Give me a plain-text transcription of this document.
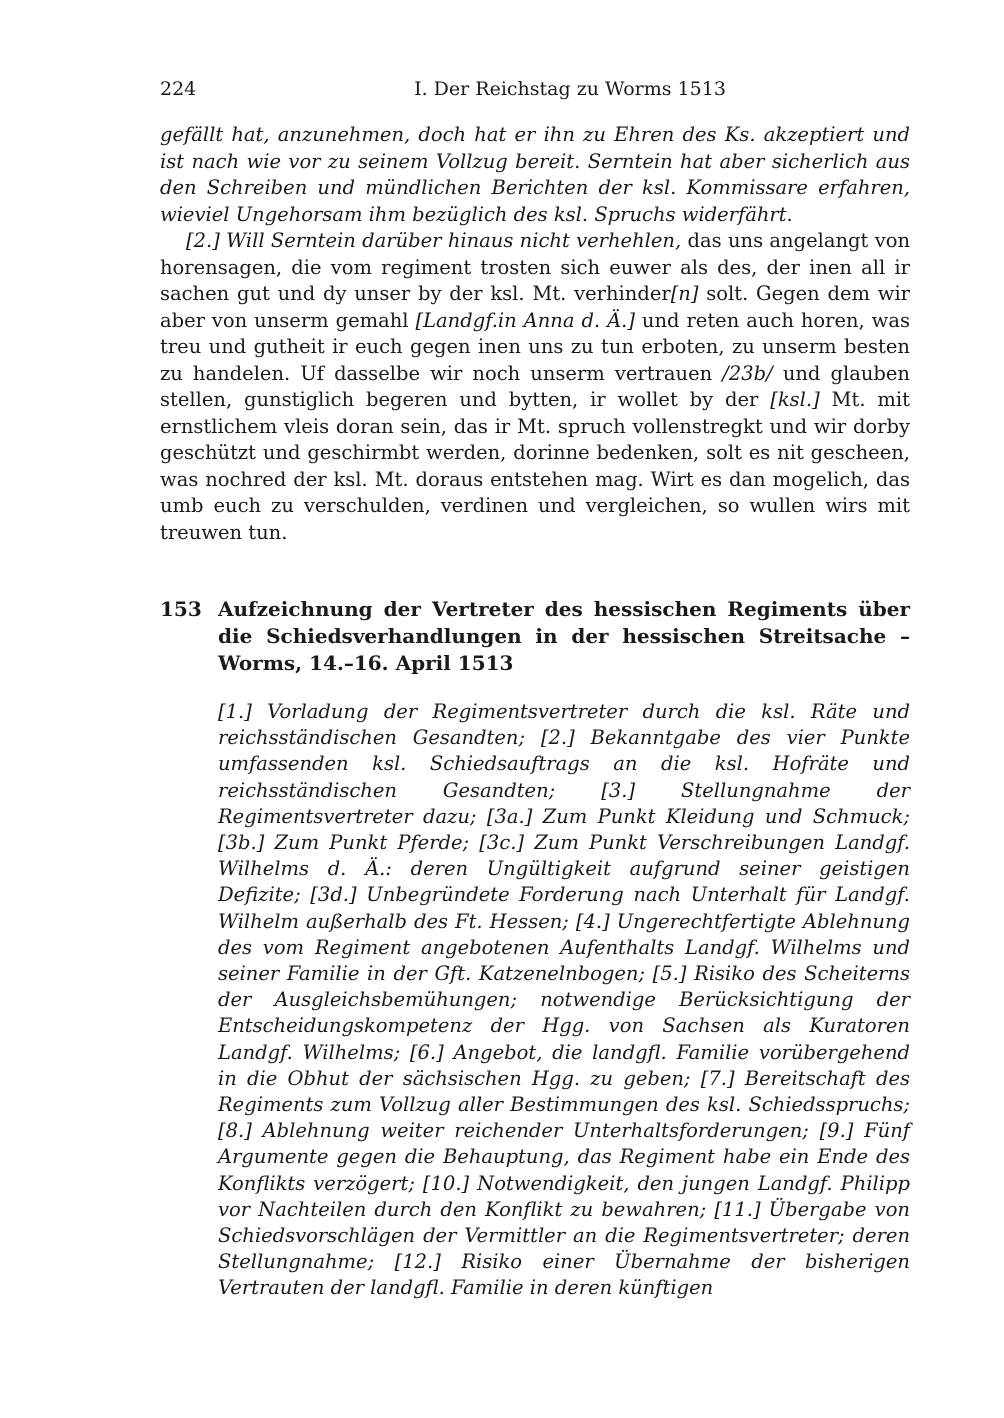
224	I. Der Reichstag zu Worms 1513

gefällt hat, anzunehmen, doch hat er ihn zu Ehren des Ks. akzeptiert und ist nach wie vor zu seinem Vollzug bereit. Serntein hat aber sicherlich aus den Schreiben und mündlichen Berichten der ksl. Kommissare erfahren, wieviel Ungehorsam ihm bezüglich des ksl. Spruchs widerfährt.

[2.] Will Serntein darüber hinaus nicht verhehlen, das uns angelangt von horensagen, die vom regiment trosten sich euwer als des, der inen all ir sachen gut und dy unser by der ksl. Mt. verhinder[n] solt. Gegen dem wir aber von unserm gemahl [Landgf.in Anna d. Ä.] und reten auch horen, was treu und gutheit ir euch gegen inen uns zu tun erboten, zu unserm besten zu handelen. Uf dasselbe wir noch unserm vertrauen /23b/ und glauben stellen, gunstiglich begeren und bytten, ir wollet by der [ksl.] Mt. mit ernstlichem vleis doran sein, das ir Mt. spruch vollenstregkt und wir dorby geschützt und geschirmbt werden, dorinne bedenken, solt es nit gescheen, was nochred der ksl. Mt. doraus entstehen mag. Wirt es dan mogelich, das umb euch zu verschulden, verdinen und vergleichen, so wullen wirs mit treuwen tun.

153 Aufzeichnung der Vertreter des hessischen Regiments über die Schiedsverhandlungen in der hessischen Streitsache – Worms, 14.–16. April 1513

[1.] Vorladung der Regimentsvertreter durch die ksl. Räte und reichsständischen Gesandten; [2.] Bekanntgabe des vier Punkte umfassenden ksl. Schiedsauftrags an die ksl. Hofräte und reichsständischen Gesandten; [3.] Stellungnahme der Regimentsvertreter dazu; [3a.] Zum Punkt Kleidung und Schmuck; [3b.] Zum Punkt Pferde; [3c.] Zum Punkt Verschreibungen Landgf. Wilhelms d. Ä.: deren Ungültigkeit aufgrund seiner geistigen Defizite; [3d.] Unbegründete Forderung nach Unterhalt für Landgf. Wilhelm außerhalb des Ft. Hessen; [4.] Ungerechtfertigte Ablehnung des vom Regiment angebotenen Aufenthalts Landgf. Wilhelms und seiner Familie in der Gft. Katzenelnbogen; [5.] Risiko des Scheiterns der Ausgleichsbemühungen; notwendige Berücksichtigung der Entscheidungskompetenz der Hgg. von Sachsen als Kuratoren Landgf. Wilhelms; [6.] Angebot, die landgfl. Familie vorübergehend in die Obhut der sächsischen Hgg. zu geben; [7.] Bereitschaft des Regiments zum Vollzug aller Bestimmungen des ksl. Schiedsspruchs; [8.] Ablehnung weiter reichender Unterhaltsforderungen; [9.] Fünf Argumente gegen die Behauptung, das Regiment habe ein Ende des Konflikts verzögert; [10.] Notwendigkeit, den jungen Landgf. Philipp vor Nachteilen durch den Konflikt zu bewahren; [11.] Übergabe von Schiedsvorschlägen der Vermittler an die Regimentsvertreter; deren Stellungnahme; [12.] Risiko einer Übernahme der bisherigen Vertrauten der landgfl. Familie in deren künftigen
